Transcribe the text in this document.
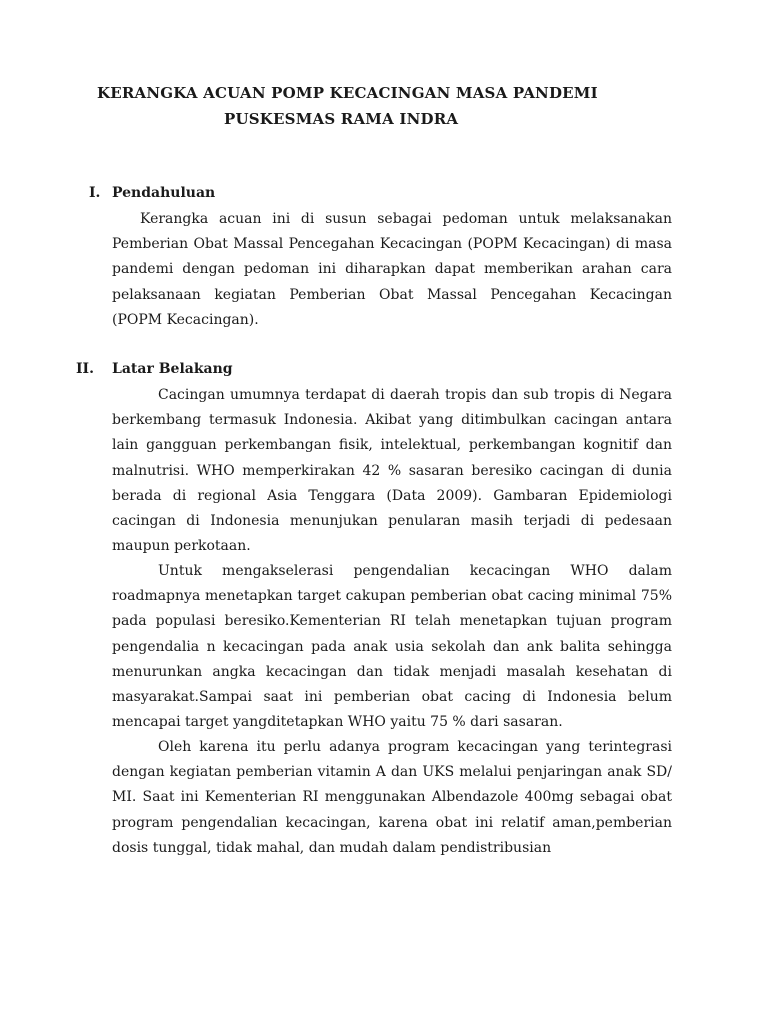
KERANGKA ACUAN POMP KECACINGAN MASA PANDEMI
PUSKESMAS RAMA INDRA
I. Pendahuluan
Kerangka acuan ini di susun sebagai pedoman untuk melaksanakan Pemberian Obat Massal Pencegahan Kecacingan (POPM Kecacingan) di masa pandemi dengan pedoman ini diharapkan dapat memberikan arahan cara pelaksanaan kegiatan Pemberian Obat Massal Pencegahan Kecacingan (POPM Kecacingan).
II. Latar Belakang
Cacingan umumnya terdapat di daerah tropis dan sub tropis di Negara berkembang termasuk Indonesia. Akibat yang ditimbulkan cacingan antara lain gangguan perkembangan fisik, intelektual, perkembangan kognitif dan malnutrisi. WHO memperkirakan 42 % sasaran beresiko cacingan di dunia berada di regional Asia Tenggara (Data 2009). Gambaran Epidemiologi cacingan di Indonesia menunjukan penularan masih terjadi di pedesaan maupun perkotaan.
Untuk mengakselerasi pengendalian kecacingan WHO dalam roadmapnya menetapkan target cakupan pemberian obat cacing minimal 75% pada populasi beresiko.Kementerian RI telah menetapkan tujuan program pengendalia n kecacingan pada anak usia sekolah dan ank balita sehingga menurunkan angka kecacingan dan tidak menjadi masalah kesehatan di masyarakat.Sampai saat ini pemberian obat cacing di Indonesia belum mencapai target yangditetapkan WHO yaitu 75 % dari sasaran.
Oleh karena itu perlu adanya program kecacingan yang terintegrasi dengan kegiatan pemberian vitamin A dan UKS melalui penjaringan anak SD/ MI. Saat ini Kementerian RI menggunakan Albendazole 400mg sebagai obat program pengendalian kecacingan, karena obat ini relatif aman,pemberian dosis tunggal, tidak mahal, dan mudah dalam pendistribusian
